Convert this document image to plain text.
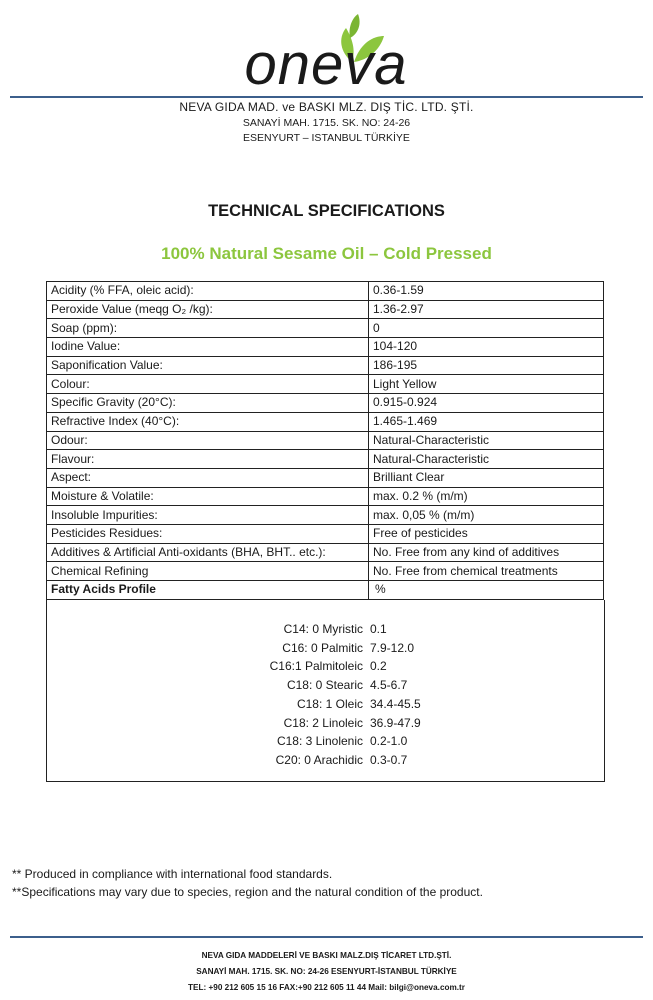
oneva
NEVA GIDA MAD. ve BASKI MLZ. DIŞ TİC. LTD. ŞTİ.
SANAYİ MAH. 1715. SK. NO: 24-26
ESENYURT – ISTANBUL TÜRKİYE
TECHNICAL SPECIFICATIONS
100% Natural Sesame Oil – Cold Pressed
Acidity (% FFA, oleic acid):	0.36-1.59
Peroxide Value (meqg O₂ /kg):	1.36-2.97
Soap (ppm):	0
Iodine Value:	104-120
Saponification Value:	186-195
Colour:	Light Yellow
Specific Gravity (20°C):	0.915-0.924
Refractive Index (40°C):	1.465-1.469
Odour:	Natural-Characteristic
Flavour:	Natural-Characteristic
Aspect:	Brilliant Clear
Moisture & Volatile:	max. 0.2 % (m/m)
Insoluble Impurities:	max. 0,05 % (m/m)
Pesticides Residues:	Free of pesticides
Additives & Artificial Anti-oxidants (BHA, BHT.. etc.):	No. Free from any kind of additives
Chemical Refining	No. Free from chemical treatments
Fatty Acids Profile	%
C14: 0 Myristic 0.1
C16: 0 Palmitic 7.9-12.0
C16:1 Palmitoleic 0.2
C18: 0 Stearic 4.5-6.7
C18: 1 Oleic 34.4-45.5
C18: 2 Linoleic 36.9-47.9
C18: 3 Linolenic 0.2-1.0
C20: 0 Arachidic 0.3-0.7
** Produced in compliance with international food standards.
**Specifications may vary due to species, region and the natural condition of the product.
NEVA GIDA MADDELERİ VE BASKI MALZ.DIŞ TİCARET LTD.ŞTİ.
SANAYİ MAH. 1715. SK. NO: 24-26 ESENYURT-İSTANBUL TÜRKİYE
TEL: +90 212 605 15 16 FAX:+90 212 605 11 44 Mail: bilgi@oneva.com.tr
